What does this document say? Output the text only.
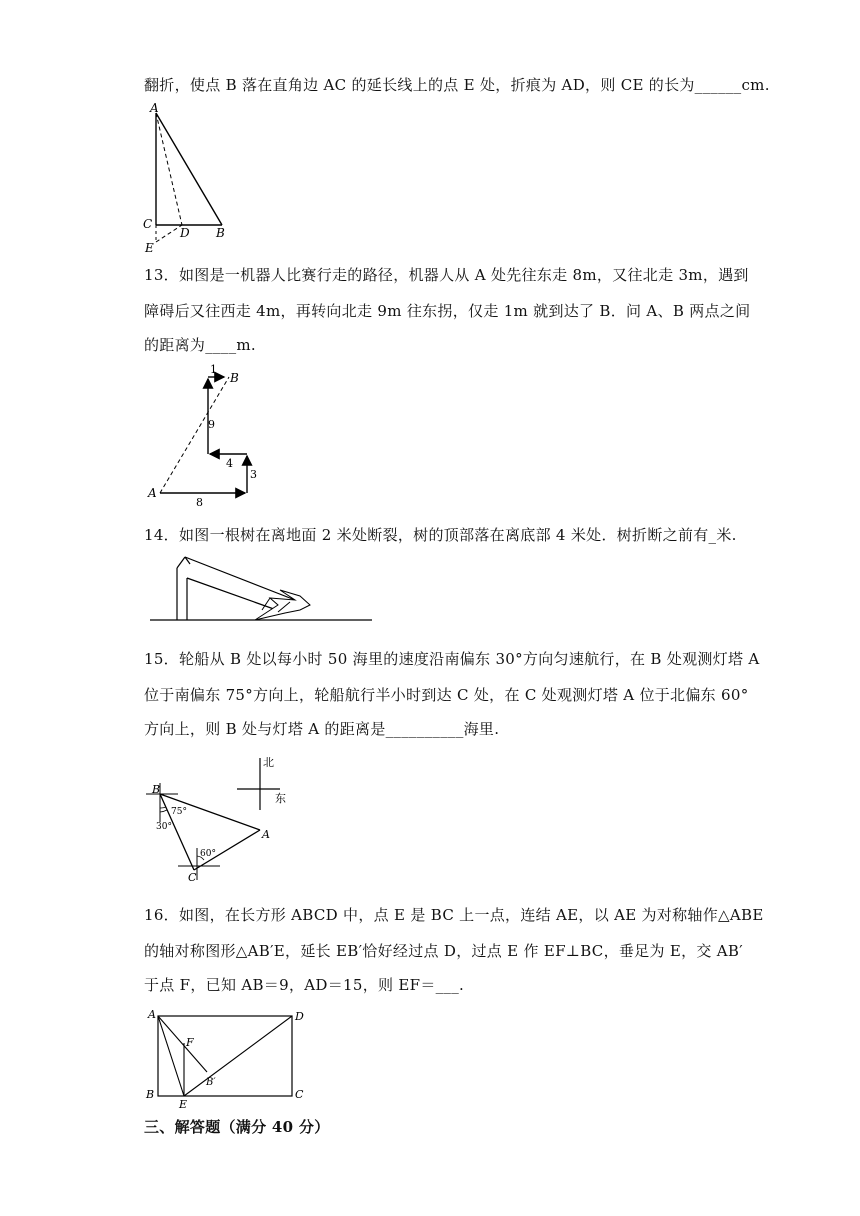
翻折，使点 B 落在直角边 AC 的延长线上的点 E 处，折痕为 AD，则 CE 的长为______cm.
A
C
D B
E
13．如图是一机器人比赛行走的路径，机器人从 A 处先往东走 8m，又往北走 3m，遇到
障碍后又往西走 4m，再转向北走 9m 往东拐，仅走 1m 就到达了 B．问 A、B 两点之间
的距离为____m.
A
B
1
9
4
3
8
14．如图一根树在离地面 2 米处断裂，树的顶部落在离底部 4 米处．树折断之前有_米.
15．轮船从 B 处以每小时 50 海里的速度沿南偏东 30°方向匀速航行，在 B 处观测灯塔 A
位于南偏东 75°方向上，轮船航行半小时到达 C 处，在 C 处观测灯塔 A 位于北偏东 60°
方向上，则 B 处与灯塔 A 的距离是__________海里.
北
东
B
A
C
75°
30°
60°
16．如图，在长方形 ABCD 中，点 E 是 BC 上一点，连结 AE，以 AE 为对称轴作△ABE
的轴对称图形△AB′E，延长 EB′恰好经过点 D，过点 E 作 EF⊥BC，垂足为 E，交 AB′
于点 F，已知 AB＝9，AD＝15，则 EF＝___.
A	D
F
B′
B
E
C
三、解答题（满分 40 分）
